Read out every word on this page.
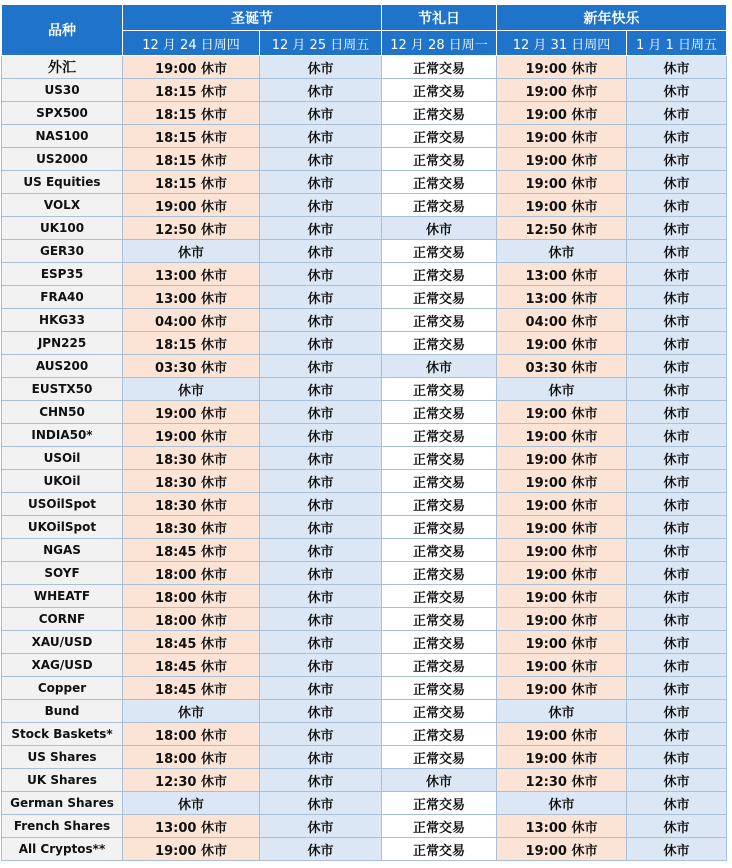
品种	圣诞节		节礼日	新年快乐	
	12 月 24 日周四	12 月 25 日周五	12 月 28 日周一	12 月 31 日周四	1 月 1 日周五
外汇	19:00 休市	休市	正常交易	19:00 休市	休市
US30	18:15 休市	休市	正常交易	19:00 休市	休市
SPX500	18:15 休市	休市	正常交易	19:00 休市	休市
NAS100	18:15 休市	休市	正常交易	19:00 休市	休市
US2000	18:15 休市	休市	正常交易	19:00 休市	休市
US Equities	18:15 休市	休市	正常交易	19:00 休市	休市
VOLX	19:00 休市	休市	正常交易	19:00 休市	休市
UK100	12:50 休市	休市	休市	12:50 休市	休市
GER30	休市	休市	正常交易	休市	休市
ESP35	13:00 休市	休市	正常交易	13:00 休市	休市
FRA40	13:00 休市	休市	正常交易	13:00 休市	休市
HKG33	04:00 休市	休市	正常交易	04:00 休市	休市
JPN225	18:15 休市	休市	正常交易	19:00 休市	休市
AUS200	03:30 休市	休市	休市	03:30 休市	休市
EUSTX50	休市	休市	正常交易	休市	休市
CHN50	19:00 休市	休市	正常交易	19:00 休市	休市
INDIA50*	19:00 休市	休市	正常交易	19:00 休市	休市
USOil	18:30 休市	休市	正常交易	19:00 休市	休市
UKOil	18:30 休市	休市	正常交易	19:00 休市	休市
USOilSpot	18:30 休市	休市	正常交易	19:00 休市	休市
UKOilSpot	18:30 休市	休市	正常交易	19:00 休市	休市
NGAS	18:45 休市	休市	正常交易	19:00 休市	休市
SOYF	18:00 休市	休市	正常交易	19:00 休市	休市
WHEATF	18:00 休市	休市	正常交易	19:00 休市	休市
CORNF	18:00 休市	休市	正常交易	19:00 休市	休市
XAU/USD	18:45 休市	休市	正常交易	19:00 休市	休市
XAG/USD	18:45 休市	休市	正常交易	19:00 休市	休市
Copper	18:45 休市	休市	正常交易	19:00 休市	休市
Bund	休市	休市	正常交易	休市	休市
Stock Baskets*	18:00 休市	休市	正常交易	19:00 休市	休市
US Shares	18:00 休市	休市	正常交易	19:00 休市	休市
UK Shares	12:30 休市	休市	休市	12:30 休市	休市
German Shares	休市	休市	正常交易	休市	休市
French Shares	13:00 休市	休市	正常交易	13:00 休市	休市
All Cryptos**	19:00 休市	休市	正常交易	19:00 休市	休市
